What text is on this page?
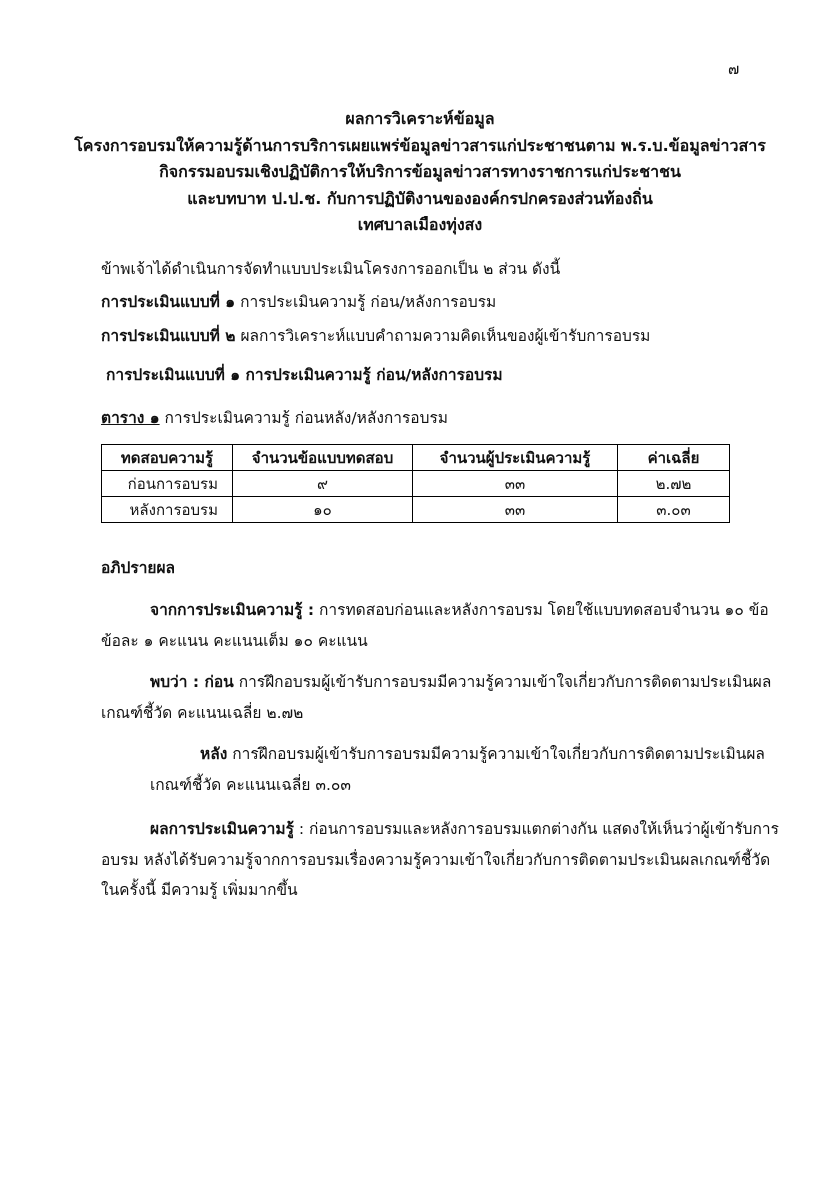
๗
ผลการวิเคราะห์ข้อมูล
โครงการอบรมให้ความรู้ด้านการบริการเผยแพร่ข้อมูลข่าวสารแก่ประชาชนตาม พ.ร.บ.ข้อมูลข่าวสาร
กิจกรรมอบรมเชิงปฏิบัติการให้บริการข้อมูลข่าวสารทางราชการแก่ประชาชน
และบทบาท ป.ป.ช. กับการปฏิบัติงานขององค์กรปกครองส่วนท้องถิ่น
เทศบาลเมืองทุ่งสง
ข้าพเจ้าได้ดำเนินการจัดทำแบบประเมินโครงการออกเป็น ๒ ส่วน ดังนี้
การประเมินแบบที่ ๑ การประเมินความรู้ ก่อน/หลังการอบรม
การประเมินแบบที่ ๒ ผลการวิเคราะห์แบบคำถามความคิดเห็นของผู้เข้ารับการอบรม
การประเมินแบบที่ ๑ การประเมินความรู้ ก่อน/หลังการอบรม
ตาราง ๑ การประเมินความรู้ ก่อนหลัง/หลังการอบรม
ทดสอบความรู้	จำนวนข้อแบบทดสอบ	จำนวนผู้ประเมินความรู้	ค่าเฉลี่ย
ก่อนการอบรม	๙	๓๓	๒.๗๒
หลังการอบรม	๑๐	๓๓	๓.๐๓
อภิปรายผล
จากการประเมินความรู้ : การทดสอบก่อนและหลังการอบรม โดยใช้แบบทดสอบจำนวน ๑๐ ข้อ
ข้อละ ๑ คะแนน คะแนนเต็ม ๑๐ คะแนน
พบว่า : ก่อน การฝึกอบรมผู้เข้ารับการอบรมมีความรู้ความเข้าใจเกี่ยวกับการติดตามประเมินผล
เกณฑ์ชี้วัด คะแนนเฉลี่ย ๒.๗๒
หลัง การฝึกอบรมผู้เข้ารับการอบรมมีความรู้ความเข้าใจเกี่ยวกับการติดตามประเมินผล
เกณฑ์ชี้วัด คะแนนเฉลี่ย ๓.๐๓
ผลการประเมินความรู้ : ก่อนการอบรมและหลังการอบรมแตกต่างกัน แสดงให้เห็นว่าผู้เข้ารับการ
อบรม หลังได้รับความรู้จากการอบรมเรื่องความรู้ความเข้าใจเกี่ยวกับการติดตามประเมินผลเกณฑ์ชี้วัด
ในครั้งนี้ มีความรู้ เพิ่มมากขึ้น
